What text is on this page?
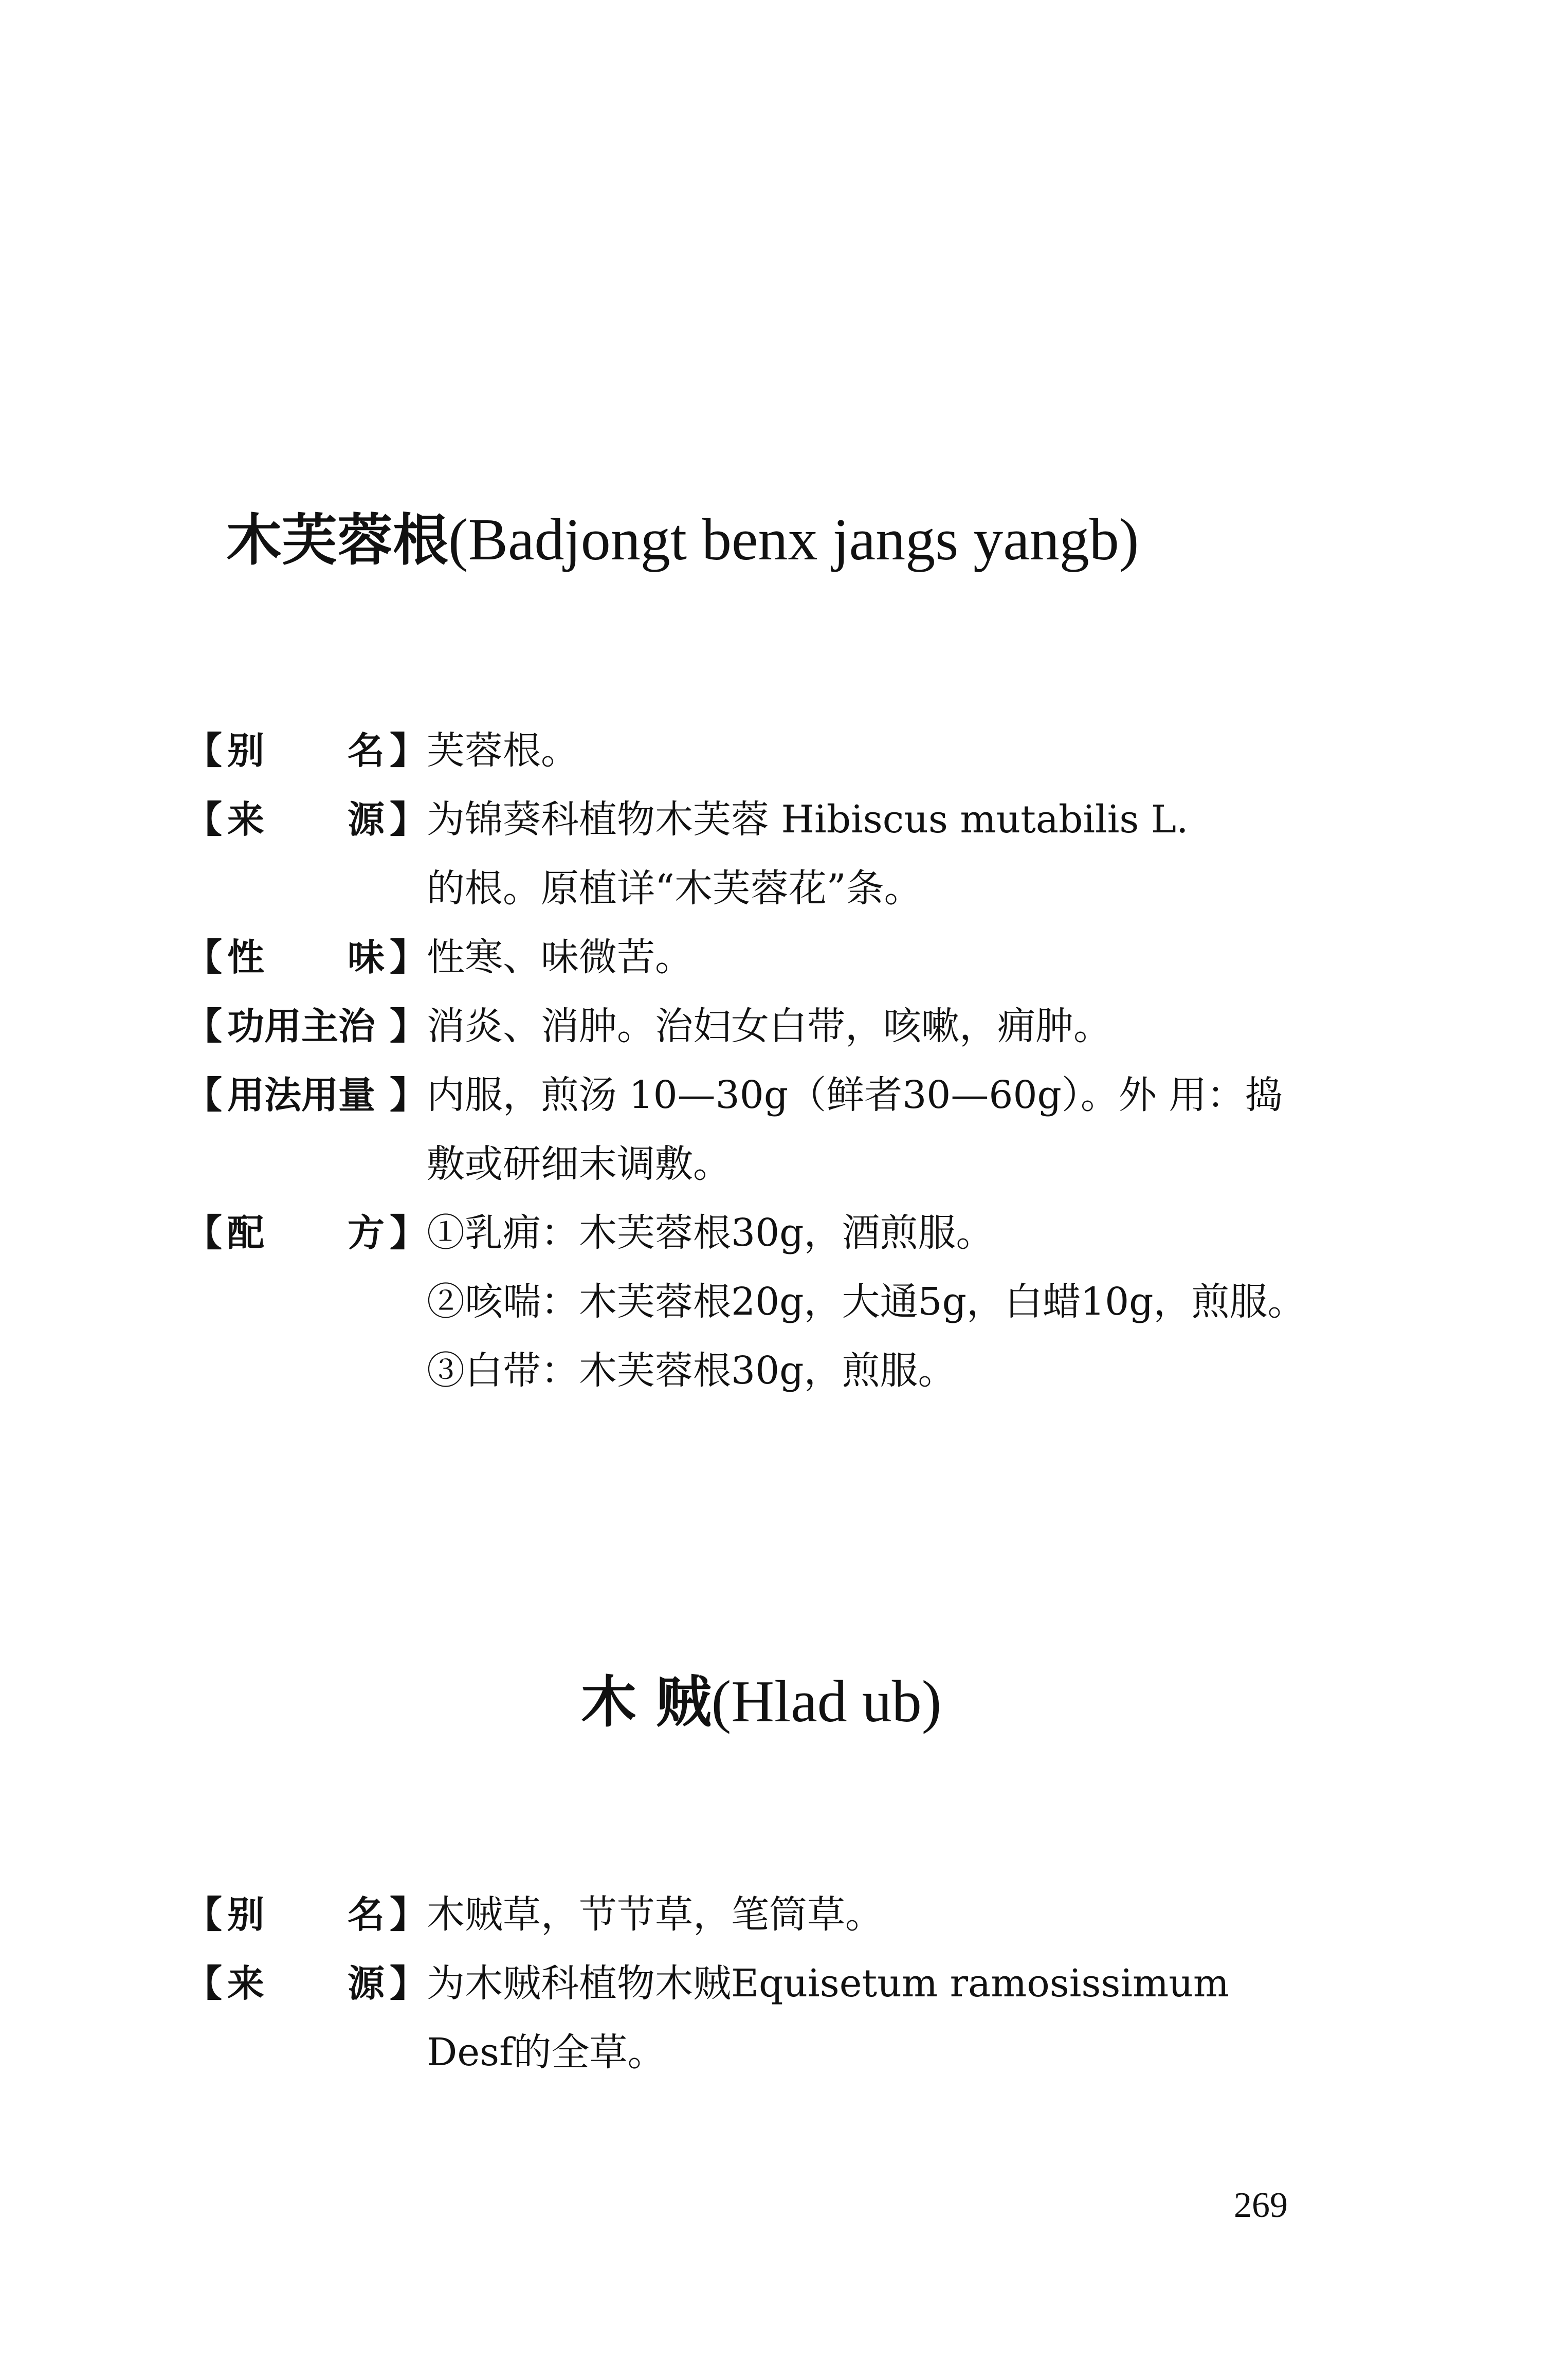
木芙蓉根(Badjongt benx jangs yangb)
【 别 名 】 芙蓉根。
【 来 源 】 为锦葵科植物木芙蓉 Hibiscus mutabilis L.
的根。原植详“木芙蓉花”条。
【 性 味 】 性寒、味微苦。
【 功用主治 】 消炎、消肿。治妇女白带，咳嗽，痈肿。
【 用法用量 】 内服，煎汤 10—30g（鲜者30—60g）。外 用：捣
敷或研细末调敷。
【 配 方 】 ①乳痈：木芙蓉根30g，酒煎服。
②咳喘：木芙蓉根20g，大通5g，白蜡10g，煎服。
③白带：木芙蓉根30g，煎服。
木 贼(Hlad ub)
【 别 名 】 木贼草，节节草，笔筒草。
【 来 源 】 为木贼科植物木贼Equisetum ramosissimum
Desf的全草。
269
